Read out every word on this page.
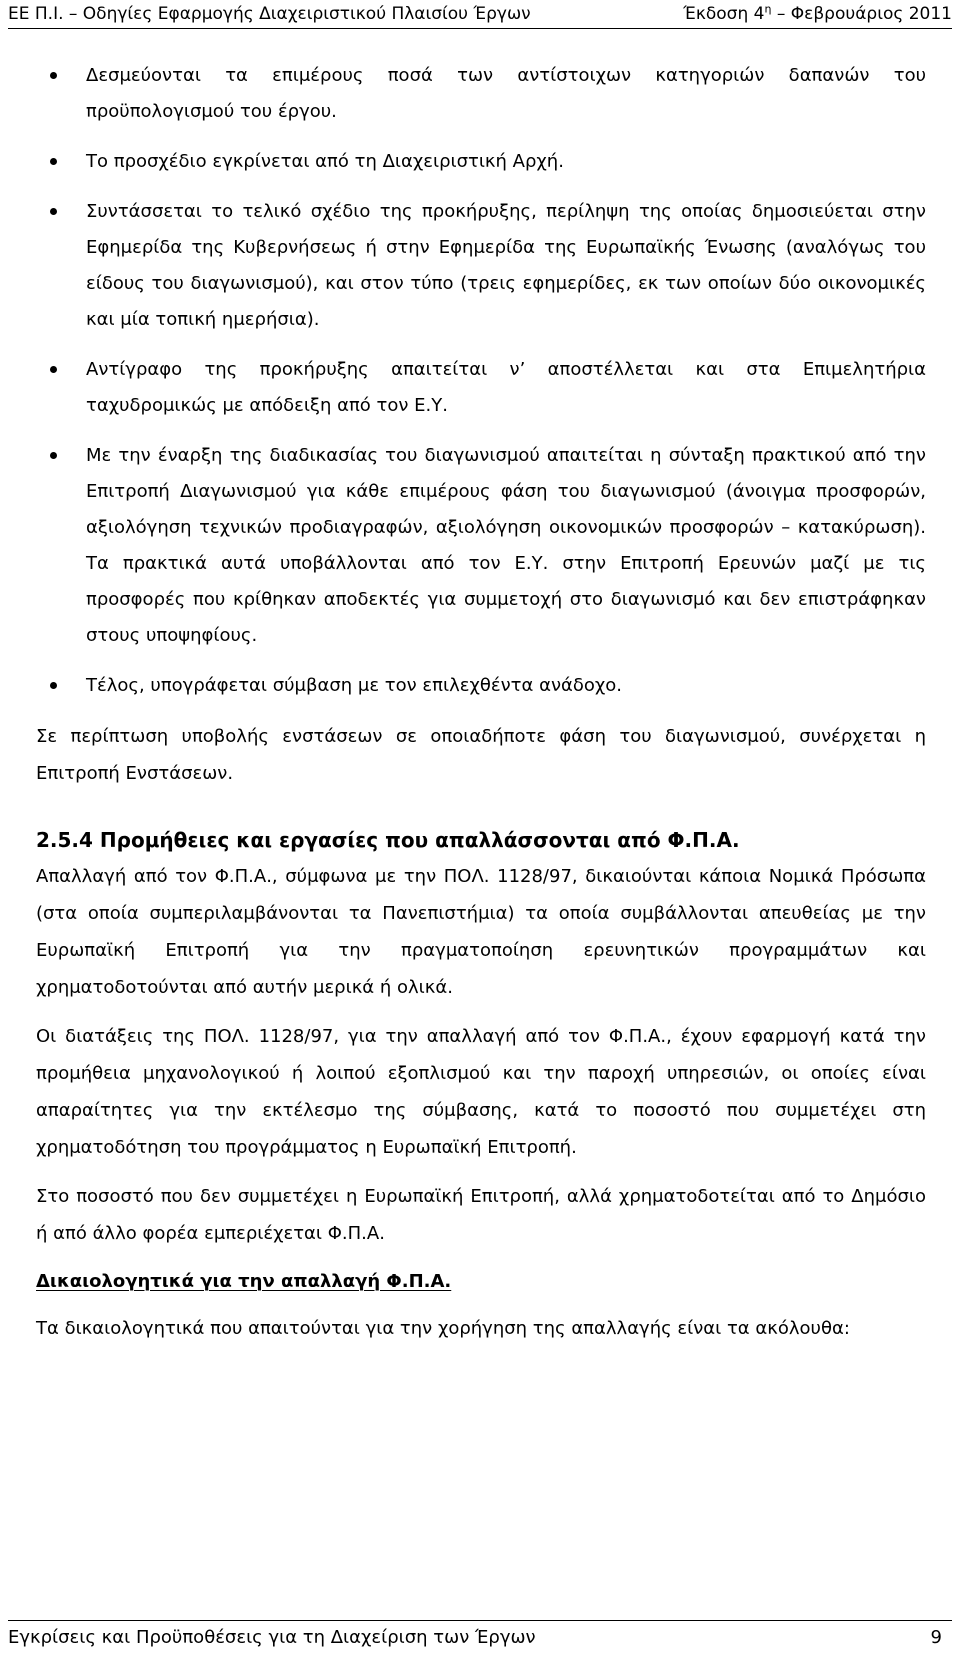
ΕΕ Π.Ι. – Οδηγίες Εφαρμογής Διαχειριστικού Πλαισίου Έργων	Έκδοση $4^\eta$ – Φεβρουάριος 2011
Δεσμεύονται τα επιμέρους ποσά των αντίστοιχων κατηγοριών δαπανών του προϋπολογισμού του έργου.
Το προσχέδιο εγκρίνεται από τη Διαχειριστική Αρχή.
Συντάσσεται το τελικό σχέδιο της προκήρυξης, περίληψη της οποίας δημοσιεύεται στην Εφημερίδα της Κυβερνήσεως ή στην Εφημερίδα της Ευρωπαϊκής Ένωσης (αναλόγως του είδους του διαγωνισμού), και στον τύπο (τρεις εφημερίδες, εκ των οποίων δύο οικονομικές και μία τοπική ημερήσια).
Αντίγραφο της προκήρυξης απαιτείται ν’ αποστέλλεται και στα Επιμελητήρια ταχυδρομικώς με απόδειξη από τον Ε.Υ.
Με την έναρξη της διαδικασίας του διαγωνισμού απαιτείται η σύνταξη πρακτικού από την Επιτροπή Διαγωνισμού για κάθε επιμέρους φάση του διαγωνισμού (άνοιγμα προσφορών, αξιολόγηση τεχνικών προδιαγραφών, αξιολόγηση οικονομικών προσφορών – κατακύρωση). Τα πρακτικά αυτά υποβάλλονται από τον Ε.Υ. στην Επιτροπή Ερευνών μαζί με τις προσφορές που κρίθηκαν αποδεκτές για συμμετοχή στο διαγωνισμό και δεν επιστράφηκαν στους υποψηφίους.
Τέλος, υπογράφεται σύμβαση με τον επιλεχθέντα ανάδοχο.

Σε περίπτωση υποβολής ενστάσεων σε οποιαδήποτε φάση του διαγωνισμού, συνέρχεται η Επιτροπή Ενστάσεων.

2.5.4 Προμήθειες και εργασίες που απαλλάσσονται από Φ.Π.Α.

Απαλλαγή από τον Φ.Π.Α., σύμφωνα με την ΠΟΛ. 1128/97, δικαιούνται κάποια Νομικά Πρόσωπα (στα οποία συμπεριλαμβάνονται τα Πανεπιστήμια) τα οποία συμβάλλονται απευθείας με την Ευρωπαϊκή Επιτροπή για την πραγματοποίηση ερευνητικών προγραμμάτων και χρηματοδοτούνται από αυτήν μερικά ή ολικά.

Οι διατάξεις της ΠΟΛ. 1128/97, για την απαλλαγή από τον Φ.Π.Α., έχουν εφαρμογή κατά την προμήθεια μηχανολογικού ή λοιπού εξοπλισμού και την παροχή υπηρεσιών, οι οποίες είναι απαραίτητες για την εκτέλεσμο της σύμβασης, κατά το ποσοστό που συμμετέχει στη χρηματοδότηση του προγράμματος η Ευρωπαϊκή Επιτροπή.

Στο ποσοστό που δεν συμμετέχει η Ευρωπαϊκή Επιτροπή, αλλά χρηματοδοτείται από το Δημόσιο ή από άλλο φορέα εμπεριέχεται Φ.Π.Α.

Δικαιολογητικά για την απαλλαγή Φ.Π.Α.

Τα δικαιολογητικά που απαιτούνται για την χορήγηση της απαλλαγής είναι τα ακόλουθα:

Εγκρίσεις και Προϋποθέσεις για τη Διαχείριση των Έργων	9
